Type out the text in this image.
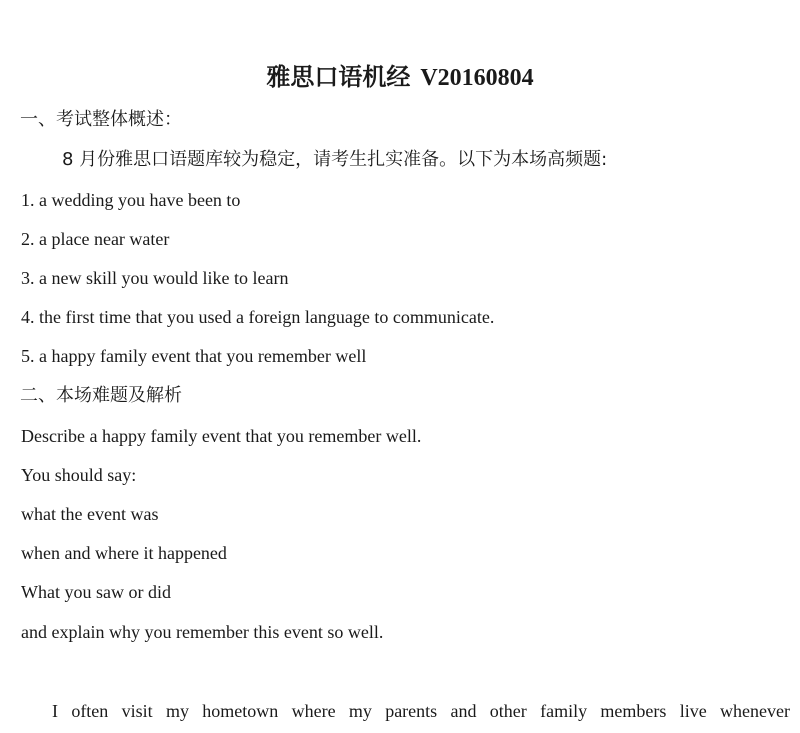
雅思口语机经 V20160804
一、考试整体概述：
8 月份雅思口语题库较为稳定，请考生扎实准备。以下为本场高频题:
1. a wedding you have been to
2. a place near water
3. a new skill you would like to learn
4. the first time that you used a foreign language to communicate.
5. a happy family event that you remember well
二、本场难题及解析
Describe a happy family event that you remember well.
You should say:
what the event was
when and where it happened
What you saw or did
and explain why you remember this event so well.
I often visit my hometown where my parents and other family members live whenever
